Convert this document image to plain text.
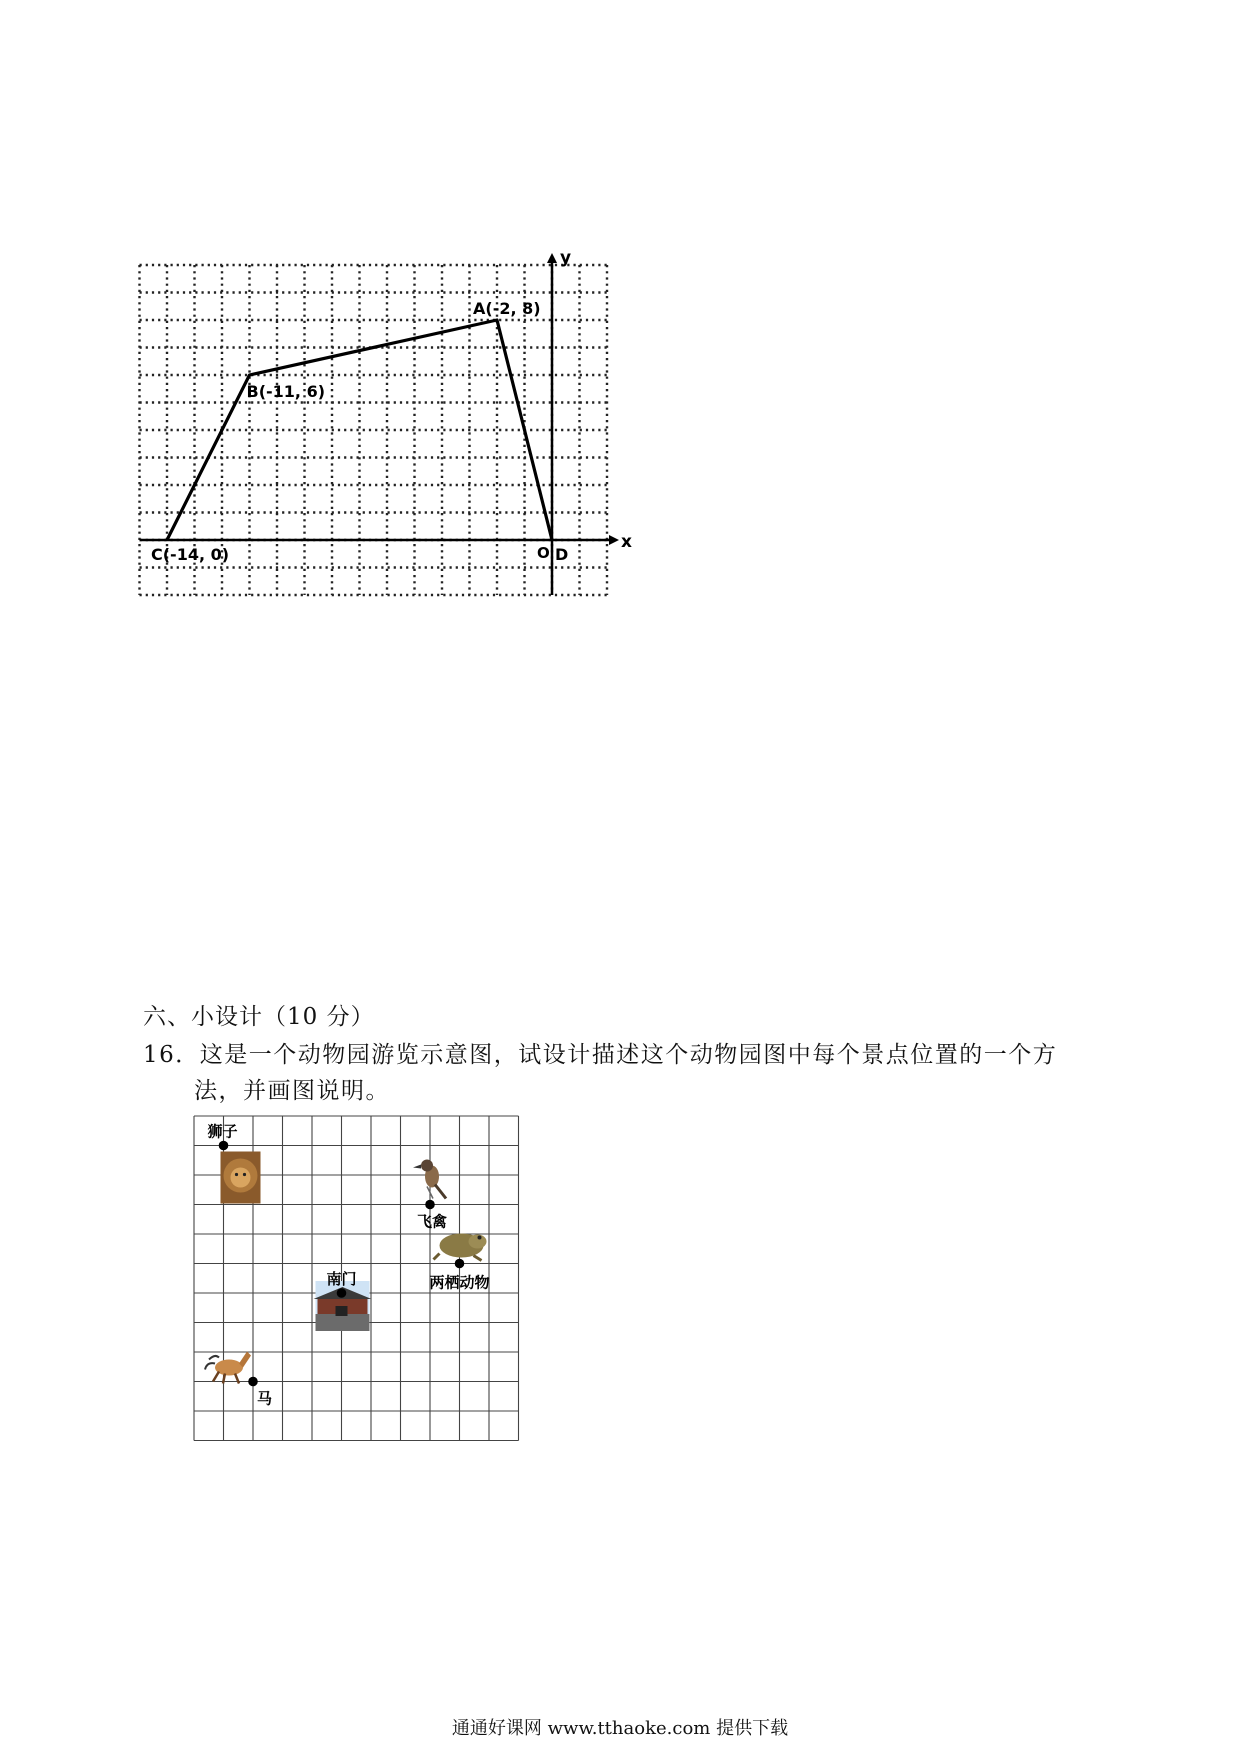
x
y
O
A(-2, 8)
B(-11, 6)
C(-14, 0)	D
六、小设计（10 分）
16．这是一个动物园游览示意图，试设计描述这个动物园图中每个景点位置的一个方
法，并画图说明。
狮子
飞禽
两栖动物
南门
马
通通好课网 www.tthaoke.com 提供下载
